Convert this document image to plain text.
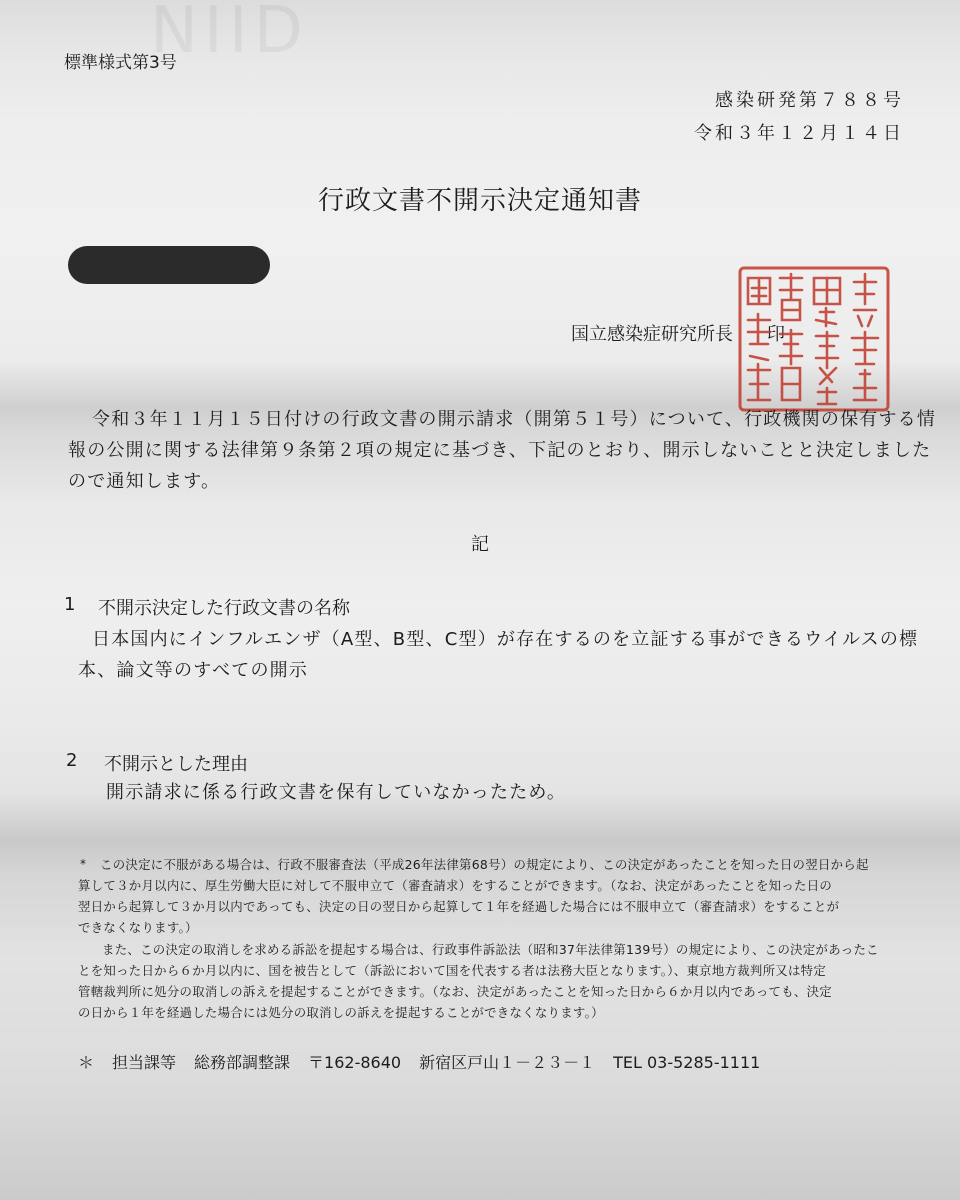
NIID
標準様式第3号
感染研発第７８８号
令和３年１２月１４日
行政文書不開示決定通知書
国立感染症研究所長 印
令和３年１１月１５日付けの行政文書の開示請求（開第５１号）について、行政機関の保有する情
報の公開に関する法律第９条第２項の規定に基づき、下記のとおり、開示しないことと決定しました
ので通知します。
記
1 不開示決定した行政文書の名称
日本国内にインフルエンザ（A型、B型、C型）が存在するのを立証する事ができるウイルスの標
本、論文等のすべての開示
2 不開示とした理由
開示請求に係る行政文書を保有していなかったため。
* この決定に不服がある場合は、行政不服審査法（平成26年法律第68号）の規定により、この決定があったことを知った日の翌日から起
算して３か月以内に、厚生労働大臣に対して不服申立て（審査請求）をすることができます。（なお、決定があったことを知った日の
翌日から起算して３か月以内であっても、決定の日の翌日から起算して１年を経過した場合には不服申立て（審査請求）をすることが
できなくなります。）
また、この決定の取消しを求める訴訟を提起する場合は、行政事件訴訟法（昭和37年法律第139号）の規定により、この決定があったこ
とを知った日から６か月以内に、国を被告として（訴訟において国を代表する者は法務大臣となります。）、東京地方裁判所又は特定
管轄裁判所に処分の取消しの訴えを提起することができます。（なお、決定があったことを知った日から６か月以内であっても、決定
の日から１年を経過した場合には処分の取消しの訴えを提起することができなくなります。）
＊ 担当課等 総務部調整課 〒162-8640 新宿区戸山１－２３－１ TEL 03-5285-1111
